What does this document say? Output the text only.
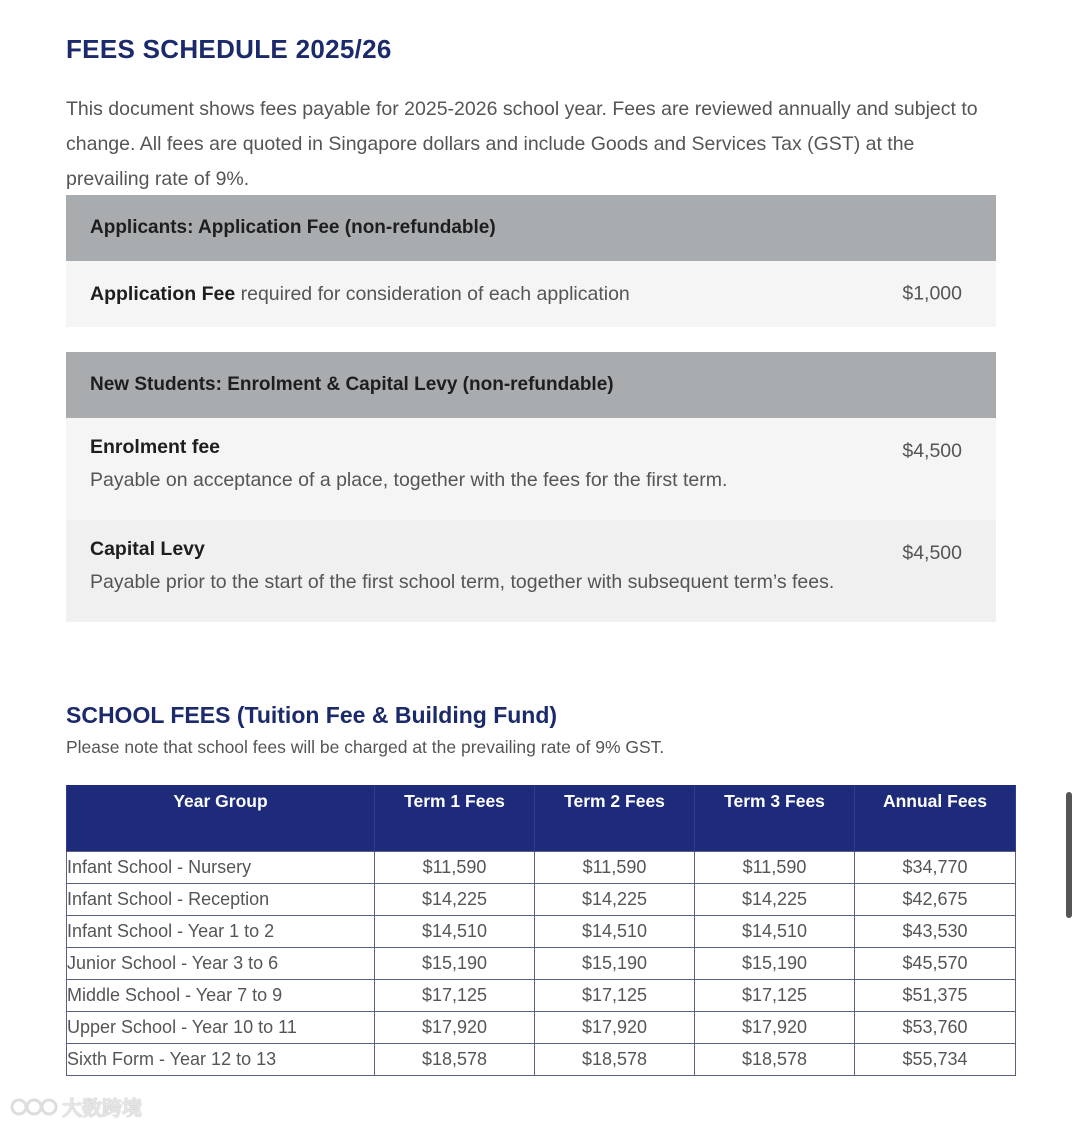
FEES SCHEDULE 2025/26

This document shows fees payable for 2025-2026 school year. Fees are reviewed annually and subject to change. All fees are quoted in Singapore dollars and include Goods and Services Tax (GST) at the prevailing rate of 9%.

Applicants: Application Fee (non-refundable)
Application Fee required for consideration of each application	$1,000
New Students: Enrolment & Capital Levy (non-refundable)
Enrolment fee
Payable on acceptance of a place, together with the fees for the first term.
$4,500
Capital Levy
Payable prior to the start of the first school term, together with subsequent term’s fees.
$4,500
SCHOOL FEES (Tuition Fee & Building Fund)

Please note that school fees will be charged at the prevailing rate of 9% GST.

Year Group	Term 1 Fees	Term 2 Fees	Term 3 Fees	Annual Fees

Infant School - Nursery	$11,590	$11,590	$11,590	$34,770
Infant School - Reception	$14,225	$14,225	$14,225	$42,675
Infant School - Year 1 to 2	$14,510	$14,510	$14,510	$43,530
Junior School - Year 3 to 6	$15,190	$15,190	$15,190	$45,570
Middle School - Year 7 to 9	$17,125	$17,125	$17,125	$51,375
Upper School - Year 10 to 11	$17,920	$17,920	$17,920	$53,760
Sixth Form - Year 12 to 13	$18,578	$18,578	$18,578	$55,734
大数跨境
